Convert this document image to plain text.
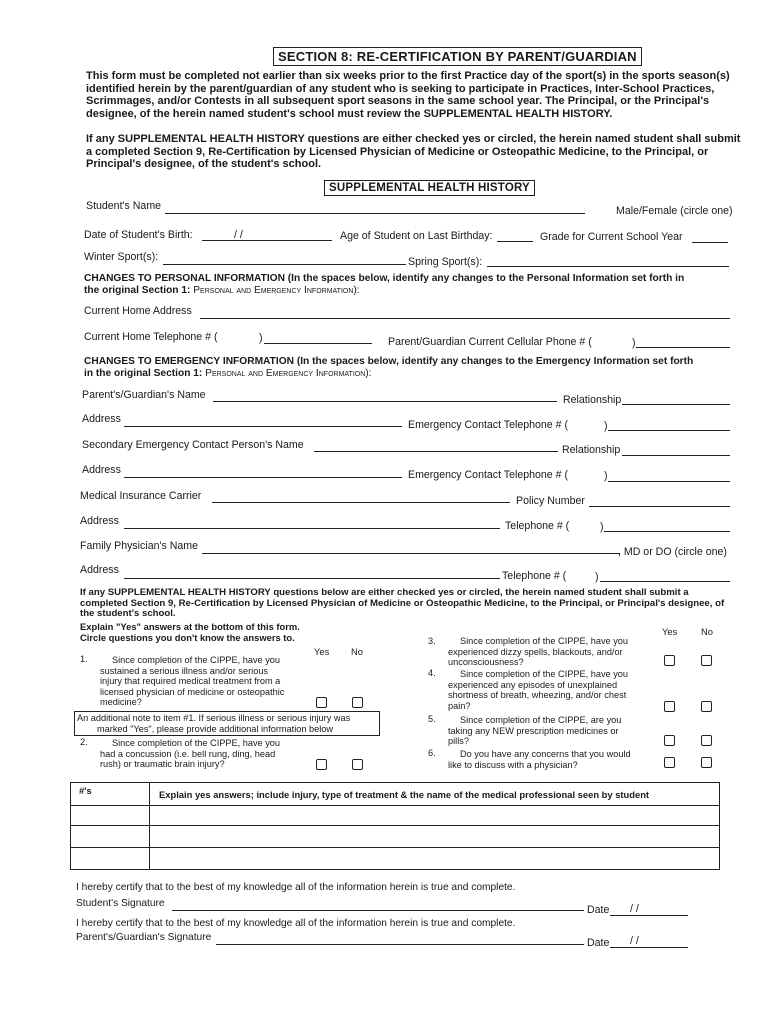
SECTION 8: RE-CERTIFICATION BY PARENT/GUARDIAN
This form must be completed not earlier than six weeks prior to the first Practice day of the sport(s) in the sports season(s)
identified herein by the parent/guardian of any student who is seeking to participate in Practices, Inter-School Practices,
Scrimmages, and/or Contests in all subsequent sport seasons in the same school year. The Principal, or the Principal's
designee, of the herein named student's school must review the SUPPLEMENTAL HEALTH HISTORY.
If any SUPPLEMENTAL HEALTH HISTORY questions are either checked yes or circled, the herein named student shall submit
a completed Section 9, Re-Certification by Licensed Physician of Medicine or Osteopathic Medicine, to the Principal, or
Principal's designee, of the student's school.
SUPPLEMENTAL HEALTH HISTORY
Student's Name	Male/Female (circle one)
Date of Student's Birth:	/ /	Age of Student on Last Birthday:	Grade for Current School Year
Winter Sport(s):	Spring Sport(s):
CHANGES TO PERSONAL INFORMATION (In the spaces below, identify any changes to the Personal Information set forth in
the original Section 1: Personal and Emergency Information):
Current Home Address
Current Home Telephone # (	)	Parent/Guardian Current Cellular Phone # (	)
CHANGES TO EMERGENCY INFORMATION (In the spaces below, identify any changes to the Emergency Information set forth
in the original Section 1: Personal and Emergency Information):
Parent's/Guardian's Name	Relationship
Address	Emergency Contact Telephone # (	)
Secondary Emergency Contact Person's Name	Relationship
Address	Emergency Contact Telephone # (	)
Medical Insurance Carrier	Policy Number
Address	Telephone # (	)
Family Physician's Name	, MD or DO (circle one)
Address	Telephone # (	)
If any SUPPLEMENTAL HEALTH HISTORY questions below are either checked yes or circled, the herein named student shall submit a
completed Section 9, Re-Certification by Licensed Physician of Medicine or Osteopathic Medicine, to the Principal, or Principal's designee, of
the student's school.
Explain "Yes" answers at the bottom of this form.
Circle questions you don't know the answers to.
Yes No
Yes	No
1.	Since completion of the CIPPE, have you
sustained a serious illness and/or serious
injury that required medical treatment from a
licensed physician of medicine or osteopathic
medicine?
An additional note to item #1. If serious illness or serious injury was
marked "Yes", please provide additional information below
2.	Since completion of the CIPPE, have you
had a concussion (i.e. bell rung, ding, head
rush) or traumatic brain injury?
3.	Since completion of the CIPPE, have you
experienced dizzy spells, blackouts, and/or
unconsciousness?
4.	Since completion of the CIPPE, have you
experienced any episodes of unexplained
shortness of breath, wheezing, and/or chest
pain?
5.	Since completion of the CIPPE, are you
taking any NEW prescription medicines or
pills?
6.	Do you have any concerns that you would
like to discuss with a physician?
#'s	Explain yes answers; include injury, type of treatment & the name of the medical professional seen by student
I hereby certify that to the best of my knowledge all of the information herein is true and complete.
Student's Signature
Date / /
I hereby certify that to the best of my knowledge all of the information herein is true and complete.
Parent's/Guardian's Signature	Date / /
